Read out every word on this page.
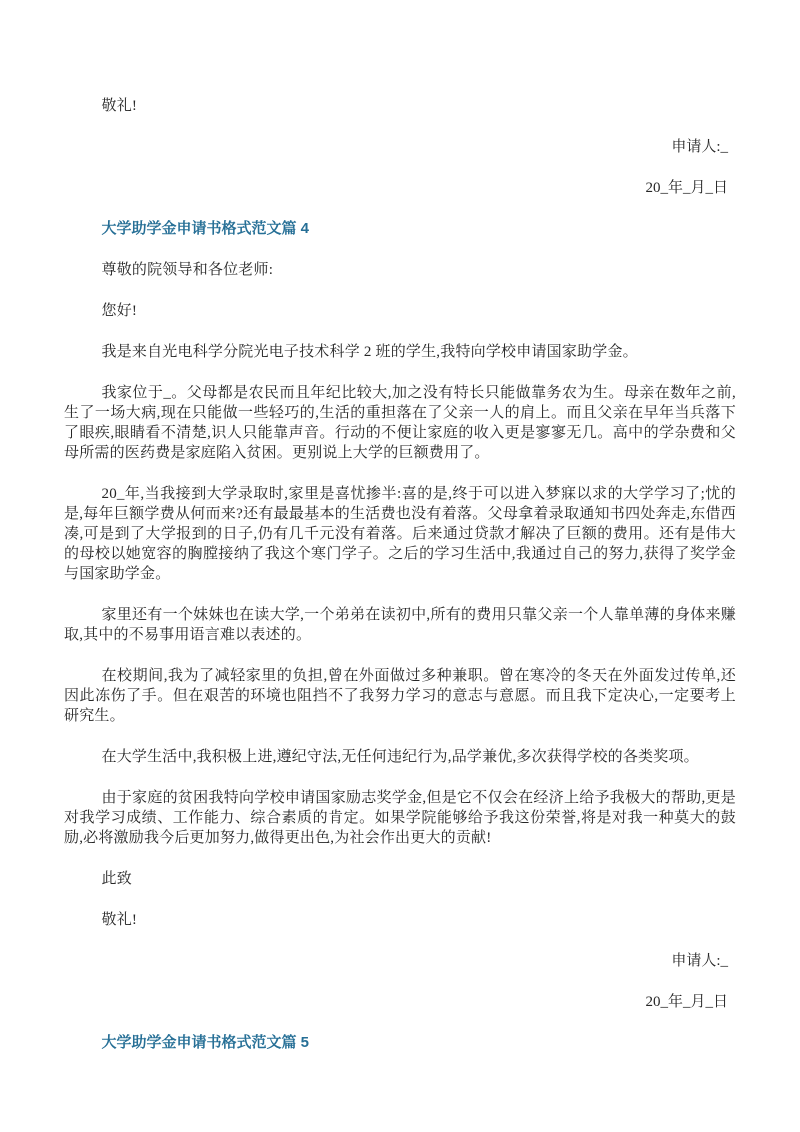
敬礼!
申请人:_
20_年_月_日
大学助学金申请书格式范文篇 4
尊敬的院领导和各位老师:
您好!
我是来自光电科学分院光电子技术科学 2 班的学生,我特向学校申请国家助学金。
我家位于_。父母都是农民而且年纪比较大,加之没有特长只能做靠务农为生。母亲在数年之前,生了一场大病,现在只能做一些轻巧的,生活的重担落在了父亲一人的肩上。而且父亲在早年当兵落下了眼疾,眼睛看不清楚,识人只能靠声音。行动的不便让家庭的收入更是寥寥无几。高中的学杂费和父母所需的医药费是家庭陷入贫困。更别说上大学的巨额费用了。
20_年,当我接到大学录取时,家里是喜忧掺半:喜的是,终于可以进入梦寐以求的大学学习了;忧的是,每年巨额学费从何而来?还有最最基本的生活费也没有着落。父母拿着录取通知书四处奔走,东借西凑,可是到了大学报到的日子,仍有几千元没有着落。后来通过贷款才解决了巨额的费用。还有是伟大的母校以她宽容的胸膛接纳了我这个寒门学子。之后的学习生活中,我通过自己的努力,获得了奖学金与国家助学金。
家里还有一个妹妹也在读大学,一个弟弟在读初中,所有的费用只靠父亲一个人靠单薄的身体来赚取,其中的不易事用语言难以表述的。
在校期间,我为了减轻家里的负担,曾在外面做过多种兼职。曾在寒冷的冬天在外面发过传单,还因此冻伤了手。但在艰苦的环境也阻挡不了我努力学习的意志与意愿。而且我下定决心,一定要考上研究生。
在大学生活中,我积极上进,遵纪守法,无任何违纪行为,品学兼优,多次获得学校的各类奖项。
由于家庭的贫困我特向学校申请国家励志奖学金,但是它不仅会在经济上给予我极大的帮助,更是对我学习成绩、工作能力、综合素质的肯定。如果学院能够给予我这份荣誉,将是对我一种莫大的鼓励,必将激励我今后更加努力,做得更出色,为社会作出更大的贡献!
此致
敬礼!
申请人:_
20_年_月_日
大学助学金申请书格式范文篇 5
